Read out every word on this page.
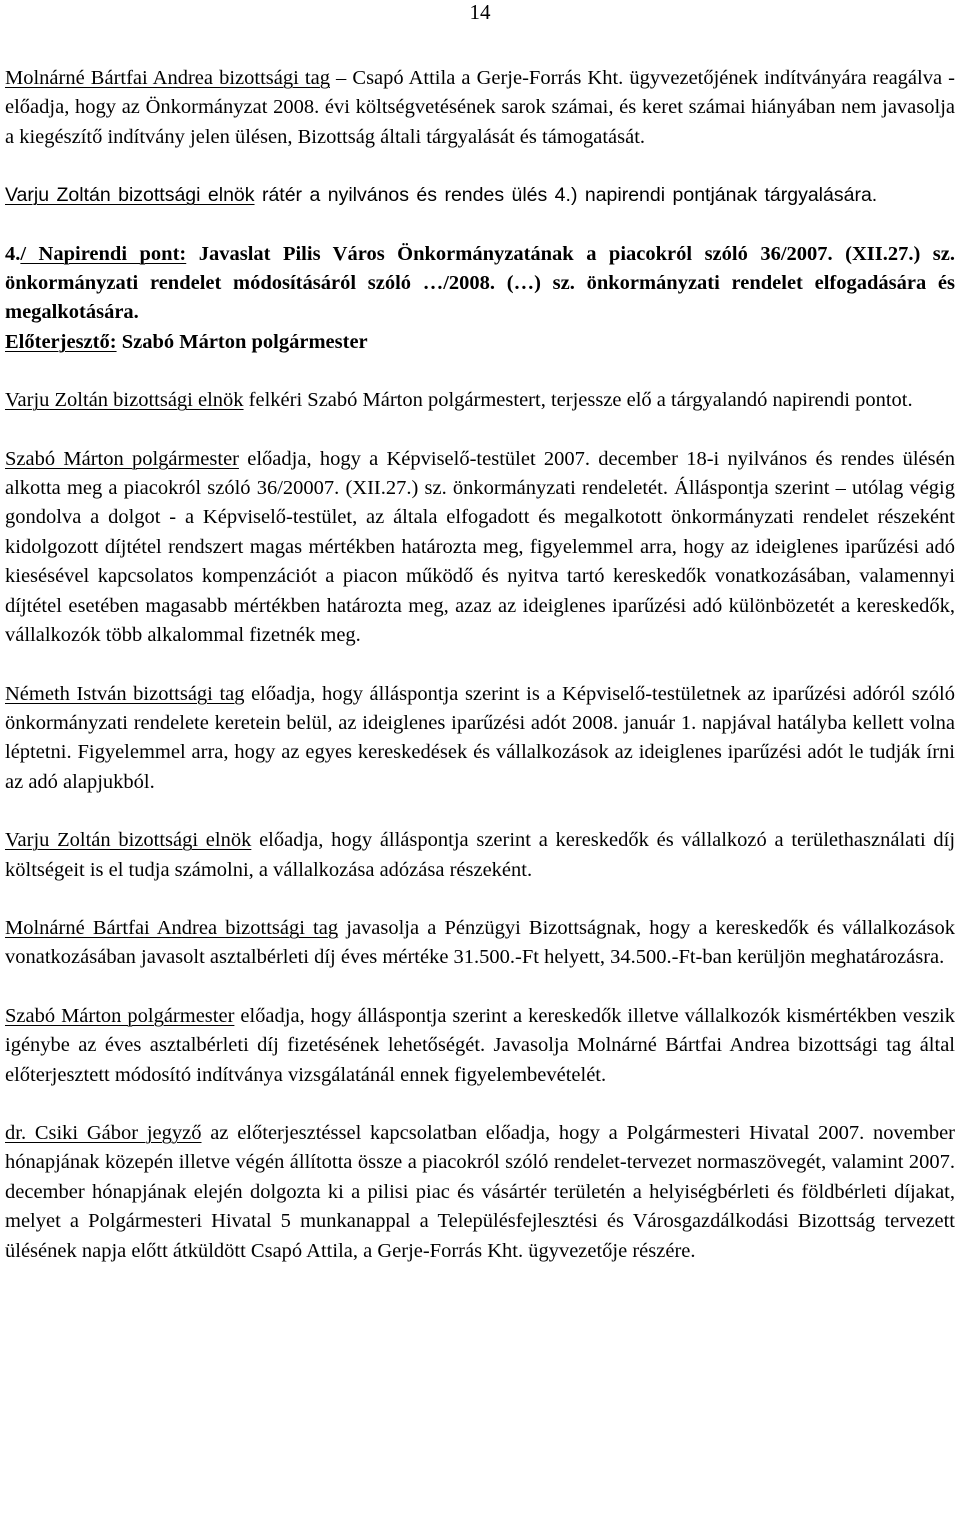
14

Molnárné Bártfai Andrea bizottsági tag – Csapó Attila a Gerje-Forrás Kht. ügyvezetőjének indítványára reagálva - előadja, hogy az Önkormányzat 2008. évi költségvetésének sarok számai, és keret számai hiányában nem javasolja a kiegészítő indítvány jelen ülésen, Bizottság általi tárgyalását és támogatását.

Varju Zoltán bizottsági elnök rátér a nyilvános és rendes ülés 4.) napirendi pontjának tárgyalására.

4./ Napirendi pont: Javaslat Pilis Város Önkormányzatának a piacokról szóló 36/2007. (XII.27.) sz. önkormányzati rendelet módosításáról szóló …/2008. (…) sz. önkormányzati rendelet elfogadására és megalkotására.

Előterjesztő: Szabó Márton polgármester

Varju Zoltán bizottsági elnök felkéri Szabó Márton polgármestert, terjessze elő a tárgyalandó napirendi pontot.

Szabó Márton polgármester előadja, hogy a Képviselő-testület 2007. december 18-i nyilvános és rendes ülésén alkotta meg a piacokról szóló 36/20007. (XII.27.) sz. önkormányzati rendeletét. Álláspontja szerint – utólag végig gondolva a dolgot - a Képviselő-testület, az általa elfogadott és megalkotott önkormányzati rendelet részeként kidolgozott díjtétel rendszert magas mértékben határozta meg, figyelemmel arra, hogy az ideiglenes iparűzési adó kiesésével kapcsolatos kompenzációt a piacon működő és nyitva tartó kereskedők vonatkozásában, valamennyi díjtétel esetében magasabb mértékben határozta meg, azaz az ideiglenes iparűzési adó különbözetét a kereskedők, vállalkozók több alkalommal fizetnék meg.

Németh István bizottsági tag előadja, hogy álláspontja szerint is a Képviselő-testületnek az iparűzési adóról szóló önkormányzati rendelete keretein belül, az ideiglenes iparűzési adót 2008. január 1. napjával hatályba kellett volna léptetni. Figyelemmel arra, hogy az egyes kereskedések és vállalkozások az ideiglenes iparűzési adót le tudják írni az adó alapjukból.

Varju Zoltán bizottsági elnök előadja, hogy álláspontja szerint a kereskedők és vállalkozó a területhasználati díj költségeit is el tudja számolni, a vállalkozása adózása részeként.

Molnárné Bártfai Andrea bizottsági tag javasolja a Pénzügyi Bizottságnak, hogy a kereskedők és vállalkozások vonatkozásában javasolt asztalbérleti díj éves mértéke 31.500.-Ft helyett, 34.500.-Ft-ban kerüljön meghatározásra.

Szabó Márton polgármester előadja, hogy álláspontja szerint a kereskedők illetve vállalkozók kismértékben veszik igénybe az éves asztalbérleti díj fizetésének lehetőségét. Javasolja Molnárné Bártfai Andrea bizottsági tag által előterjesztett módosító indítványa vizsgálatánál ennek figyelembevételét.

dr. Csiki Gábor jegyző az előterjesztéssel kapcsolatban előadja, hogy a Polgármesteri Hivatal 2007. november hónapjának közepén illetve végén állította össze a piacokról szóló rendelet-tervezet normaszövegét, valamint 2007. december hónapjának elején dolgozta ki a pilisi piac és vásártér területén a helyiségbérleti és földbérleti díjakat, melyet a Polgármesteri Hivatal 5 munkanappal a Településfejlesztési és Városgazdálkodási Bizottság tervezett ülésének napja előtt átküldött Csapó Attila, a Gerje-Forrás Kht. ügyvezetője részére.
